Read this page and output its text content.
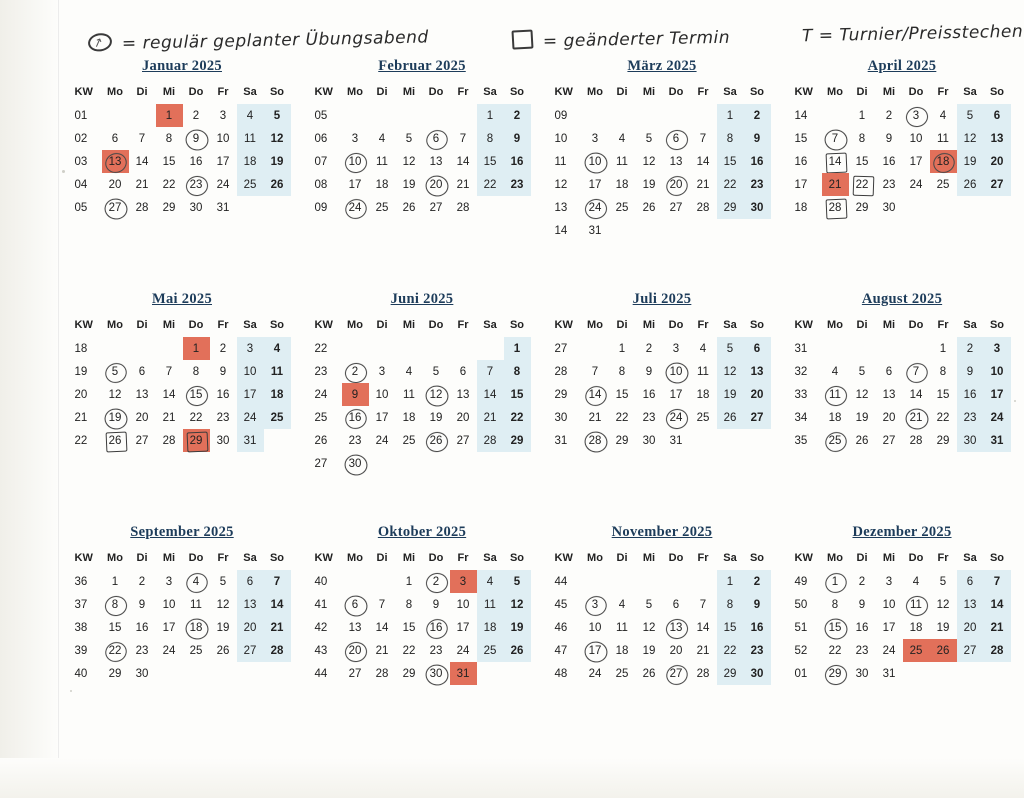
↗ = regulär geplanter Übungsabend	= geänderter Termin	T = Turnier/Preisstechen
Januar 2025
KW	Mo	Di	Mi	Do	Fr	Sa	So
01			1	2	3	4	5
02	6	7	8	9	10	11	12
03	13	14	15	16	17	18	19
04	20	21	22	23	24	25	26
05	27	28	29	30	31		
Februar 2025
KW	Mo	Di	Mi	Do	Fr	Sa	So
05						1	2
06	3	4	5	6	7	8	9
07	10	11	12	13	14	15	16
08	17	18	19	20	21	22	23
09	24	25	26	27	28		
März 2025
KW	Mo	Di	Mi	Do	Fr	Sa	So
09						1	2
10	3	4	5	6	7	8	9
11	10	11	12	13	14	15	16
12	17	18	19	20	21	22	23
13	24	25	26	27	28	29	30
14	31						
April 2025
KW	Mo	Di	Mi	Do	Fr	Sa	So
14		1	2	3	4	5	6
15	7	8	9	10	11	12	13
16	14	15	16	17	18	19	20
17	21	22	23	24	25	26	27
18	28	29	30				
Mai 2025
KW	Mo	Di	Mi	Do	Fr	Sa	So
18				1	2	3	4
19	5	6	7	8	9	10	11
20	12	13	14	15	16	17	18
21	19	20	21	22	23	24	25
22	26	27	28	29	30	31	
Juni 2025
KW	Mo	Di	Mi	Do	Fr	Sa	So
22							1
23	2	3	4	5	6	7	8
24	9	10	11	12	13	14	15
25	16	17	18	19	20	21	22
26	23	24	25	26	27	28	29
27	30

Juli 2025
KW	Mo	Di	Mi	Do	Fr	Sa	So
27		1	2	3	4	5	6
28	7	8	9	10	11	12	13
29	14	15	16	17	18	19	20
30	21	22	23	24	25	26	27
31	28	29	30	31			
August 2025
KW	Mo	Di	Mi	Do	Fr	Sa	So
31					1	2	3
32	4	5	6	7	8	9	10
33	11	12	13	14	15	16	17
34	18	19	20	21	22	23	24
35	25	26	27	28	29	30	31
September 2025
KW	Mo	Di	Mi	Do	Fr	Sa	So
36	1	2	3	4	5	6	7
37	8	9	10	11	12	13	14
38	15	16	17	18	19	20	21
39	22	23	24	25	26	27	28
40	29	30					
Oktober 2025
KW	Mo	Di	Mi	Do	Fr	Sa	So
40			1	2	3	4	5
41	6	7	8	9	10	11	12
42	13	14	15	16	17	18	19
43	20	21	22	23	24	25	26
44	27	28	29	30	31		
November 2025
KW	Mo	Di	Mi	Do	Fr	Sa	So
44						1	2
45	3	4	5	6	7	8	9
46	10	11	12	13	14	15	16
47	17	18	19	20	21	22	23
48	24	25	26	27	28	29	30
Dezember 2025
KW	Mo	Di	Mi	Do	Fr	Sa	So
49	1	2	3	4	5	6	7
50	8	9	10	11	12	13	14
51	15	16	17	18	19	20	21
52	22	23	24	25	26	27	28
01	29	30	31				
